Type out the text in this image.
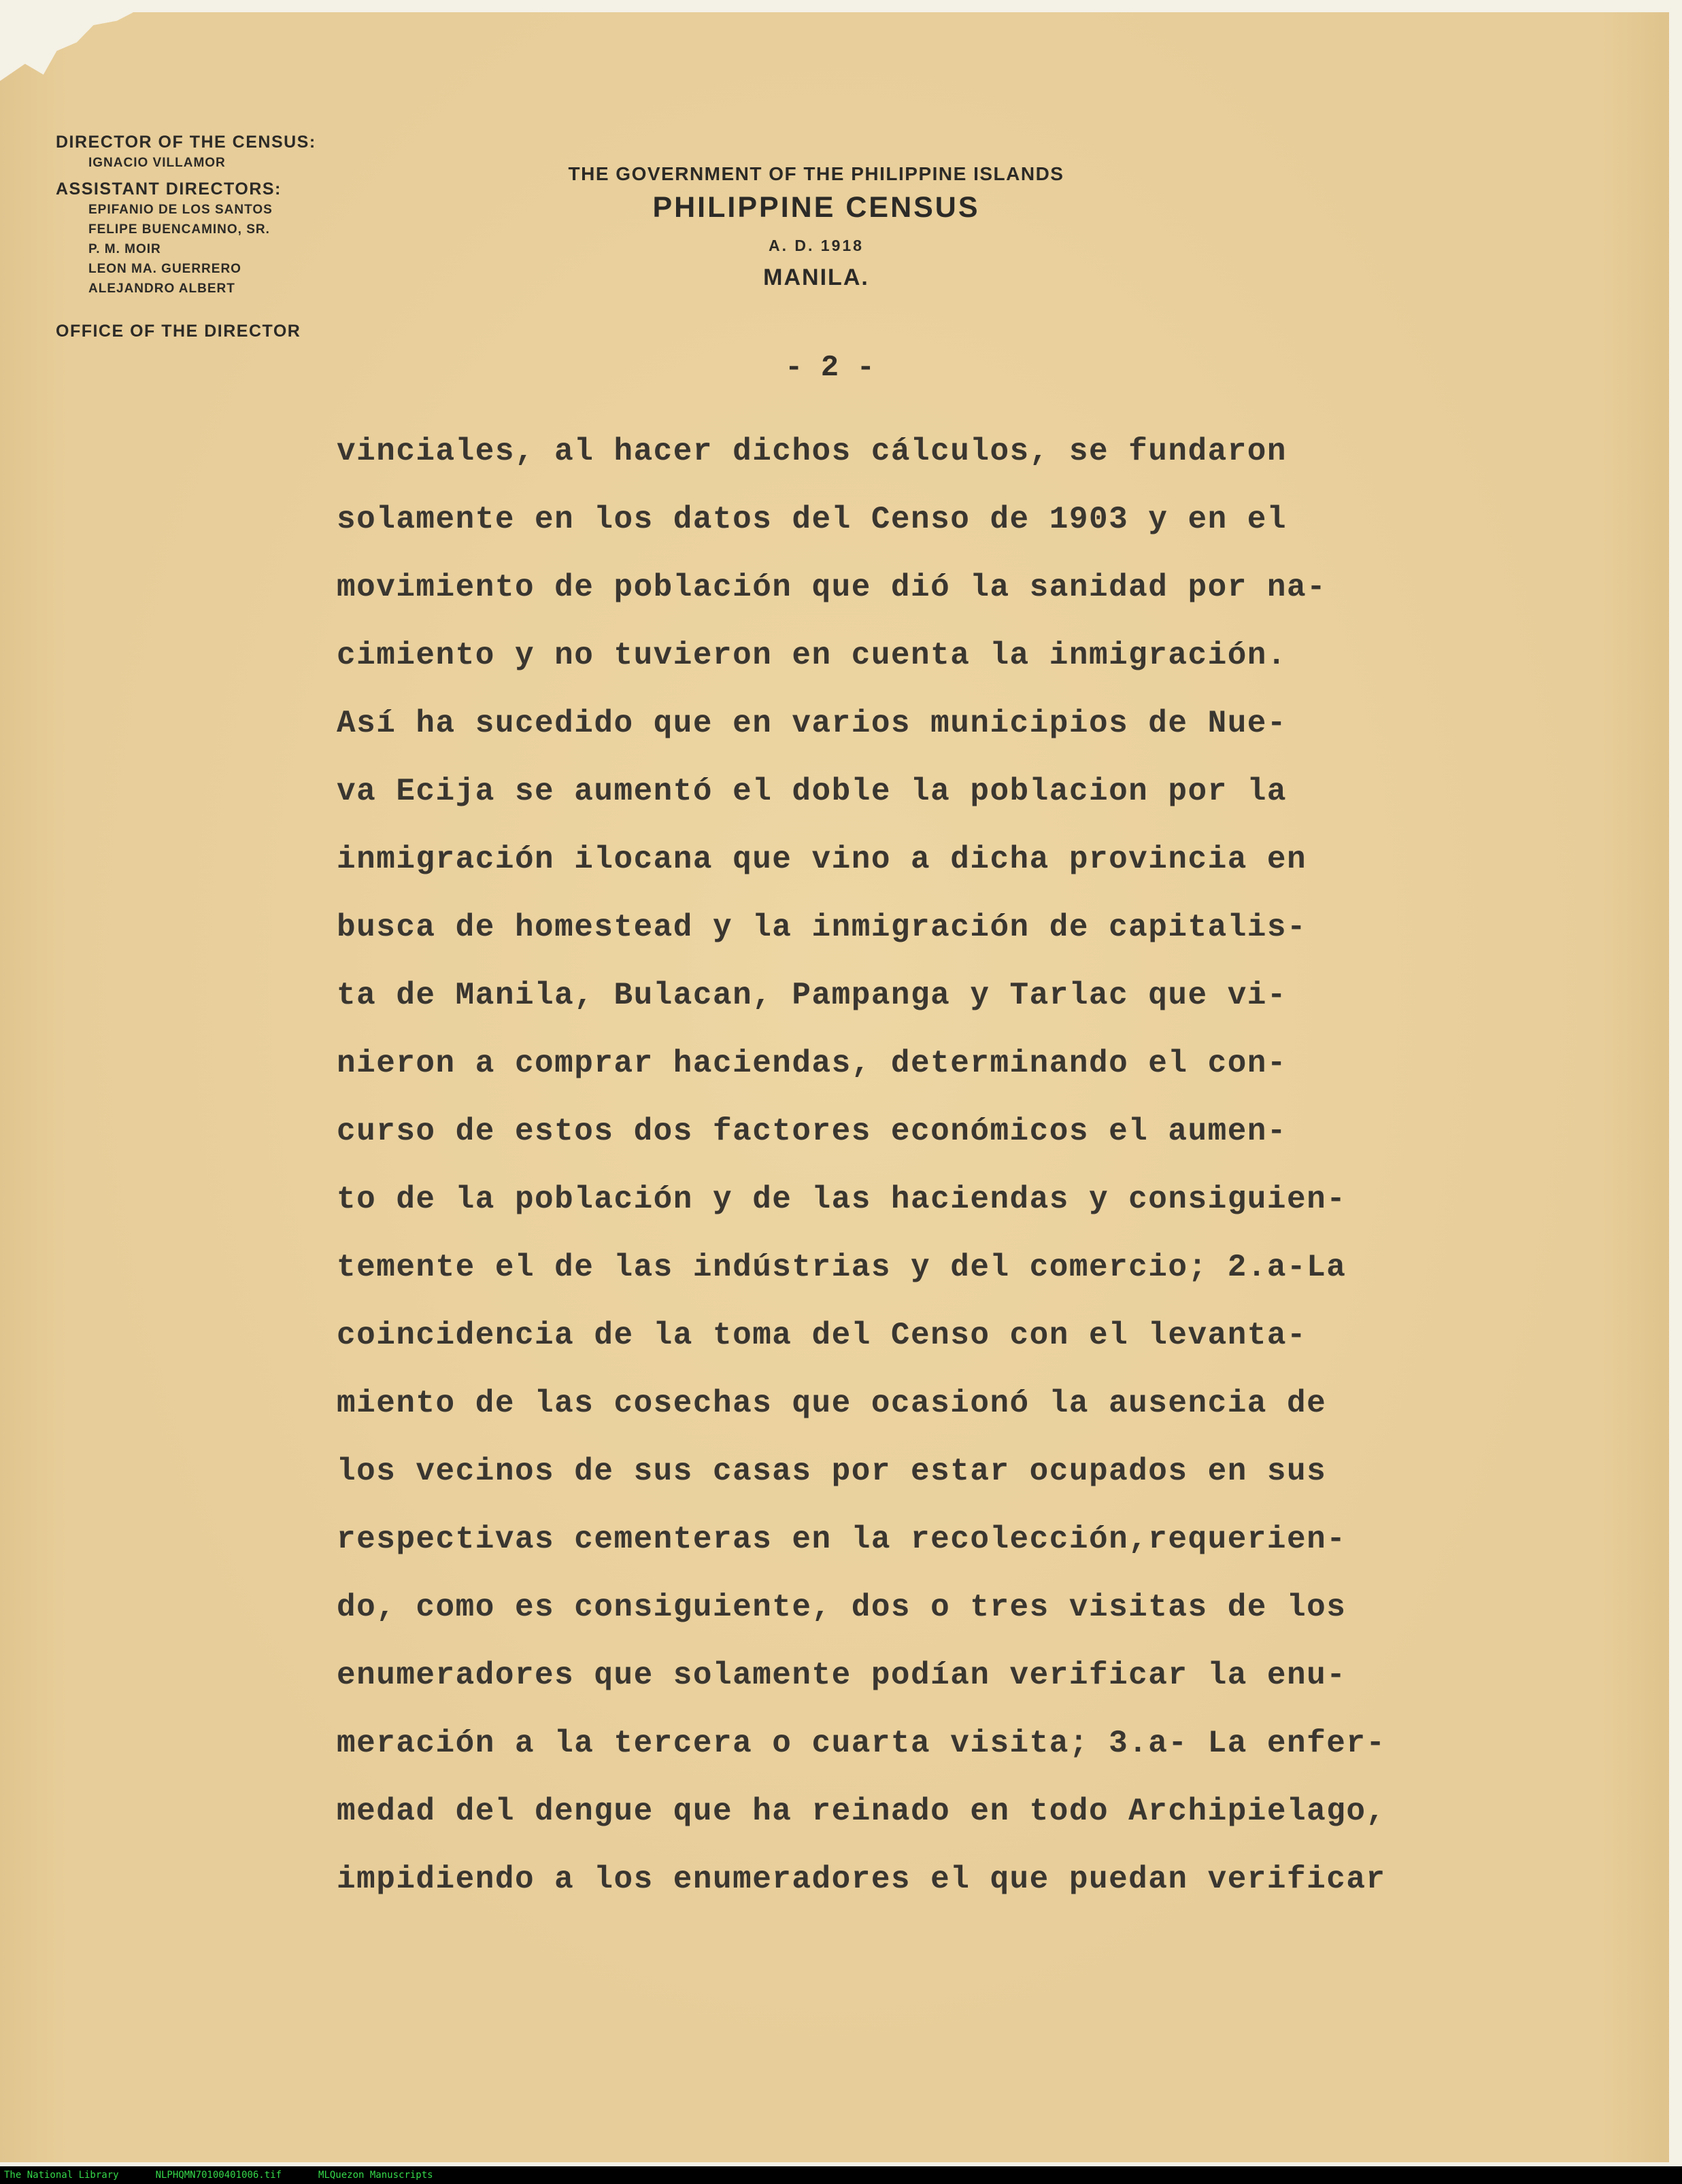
DIRECTOR OF THE CENSUS:
IGNACIO VILLAMOR
ASSISTANT DIRECTORS:
EPIFANIO DE LOS SANTOS
FELIPE BUENCAMINO, SR.
P. M. MOIR
LEON MA. GUERRERO
ALEJANDRO ALBERT
OFFICE OF THE DIRECTOR
THE GOVERNMENT OF THE PHILIPPINE ISLANDS
PHILIPPINE CENSUS
A. D. 1918
MANILA.
- 2 -
vinciales, al hacer dichos cálculos, se fundaron
solamente en los datos del Censo de 1903 y en el
movimiento de población que dió la sanidad por na-
cimiento y no tuvieron en cuenta la inmigración.
Así ha sucedido que en varios municipios de Nue-
va Ecija se aumentó el doble la poblacion por la
inmigración ilocana que vino a dicha provincia en
busca de homestead y la inmigración de capitalis-
ta de Manila, Bulacan, Pampanga y Tarlac que vi-
nieron a comprar haciendas, determinando el con-
curso de estos dos factores económicos el aumen-
to de la población y de las haciendas y consiguien-
temente el de las indústrias y del comercio; 2.a-La
coincidencia de la toma del Censo con el levanta-
miento de las cosechas que ocasionó la ausencia de
los vecinos de sus casas por estar ocupados en sus
respectivas cementeras en la recolección,requerien-
do, como es consiguiente, dos o tres visitas de los
enumeradores que solamente podían verificar la enu-
meración a la tercera o cuarta visita; 3.a- La enfer-
medad del dengue que ha reinado en todo Archipielago,
impidiendo a los enumeradores el que puedan verificar
The National Library	NLPHQMN70100401006.tif	MLQuezon Manuscripts
